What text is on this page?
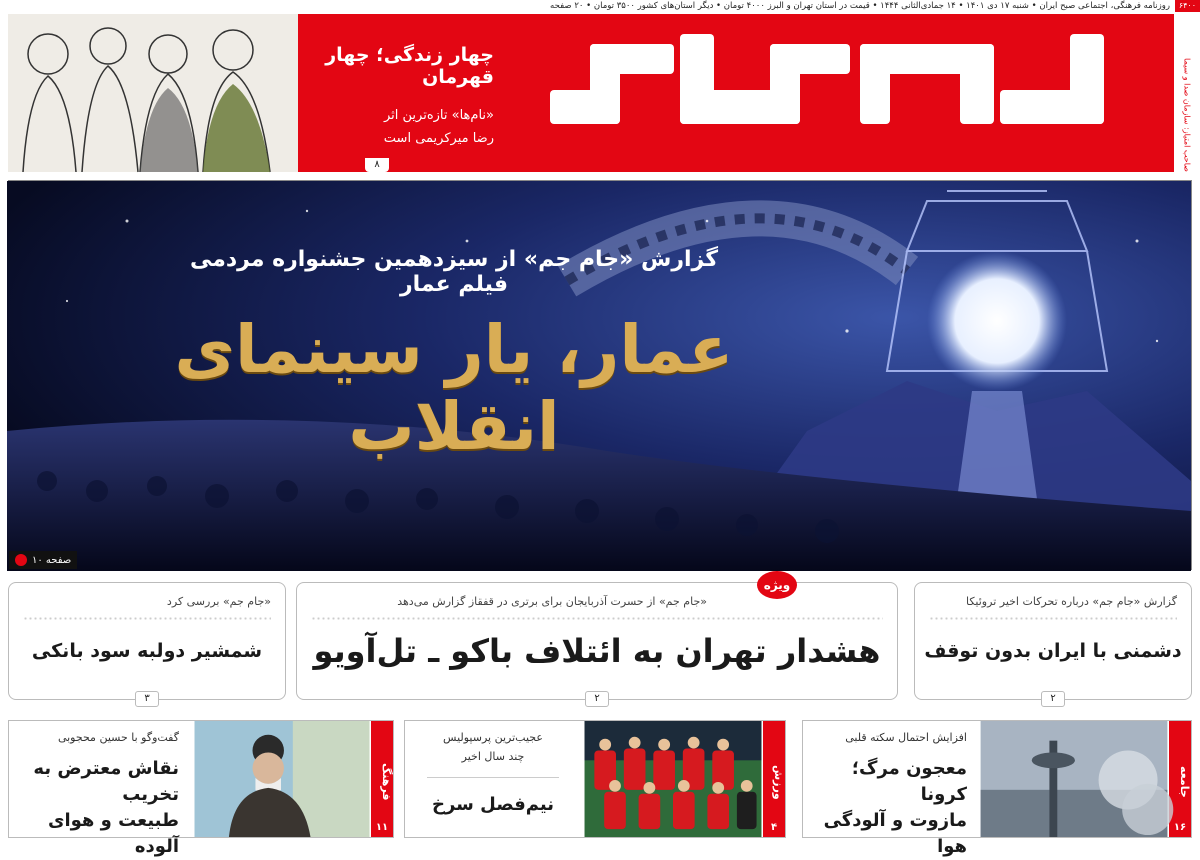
۶۴۰۰
روزنامه فرهنگی، اجتماعی صبح ایران • شنبه ۱۷ دی ۱۴۰۱ • ۱۴ جمادی‌الثانی ۱۴۴۴ • قیمت در استان تهران و البرز ۴۰۰۰ تومان • دیگر استان‌های کشور ۳۵۰۰ تومان • ۲۰ صفحه
صاحب امتیاز: سازمان صدا و سیما
چهار زندگی؛ چهار قهرمان
«نام‌ها» تازه‌ترین اثر
رضا میرکریمی است
۸
گزارش «جام جم» از سیزدهمین جشنواره مردمی فیلم عمار
عمار، یار سینمای انقلاب
صفحه ۱۰
گزارش «جام جم» درباره تحرکات اخیر تروئیکا
دشمنی با ایران بدون توقف
۲
ویژه
«جام جم» از حسرت آذربایجان برای برتری در قفقاز گزارش می‌دهد
هشدار تهران به ائتلاف باکو ـ تل‌آویو
۲
«جام جم» بررسی کرد
شمشیر دولبه سود بانکی
۳
جامعه
۱۶
افزایش احتمال سکته قلبی
معجون مرگ؛ کرونا
مازوت و آلودگی هوا
ورزش
۴
عجیب‌ترین پرسپولیس
چند سال اخیر
نیم‌فصل سرخ
فرهنگ
۱۱
گفت‌وگو با حسین محجوبی
نقاش معترض به تخریب
طبیعت و هوای آلوده
